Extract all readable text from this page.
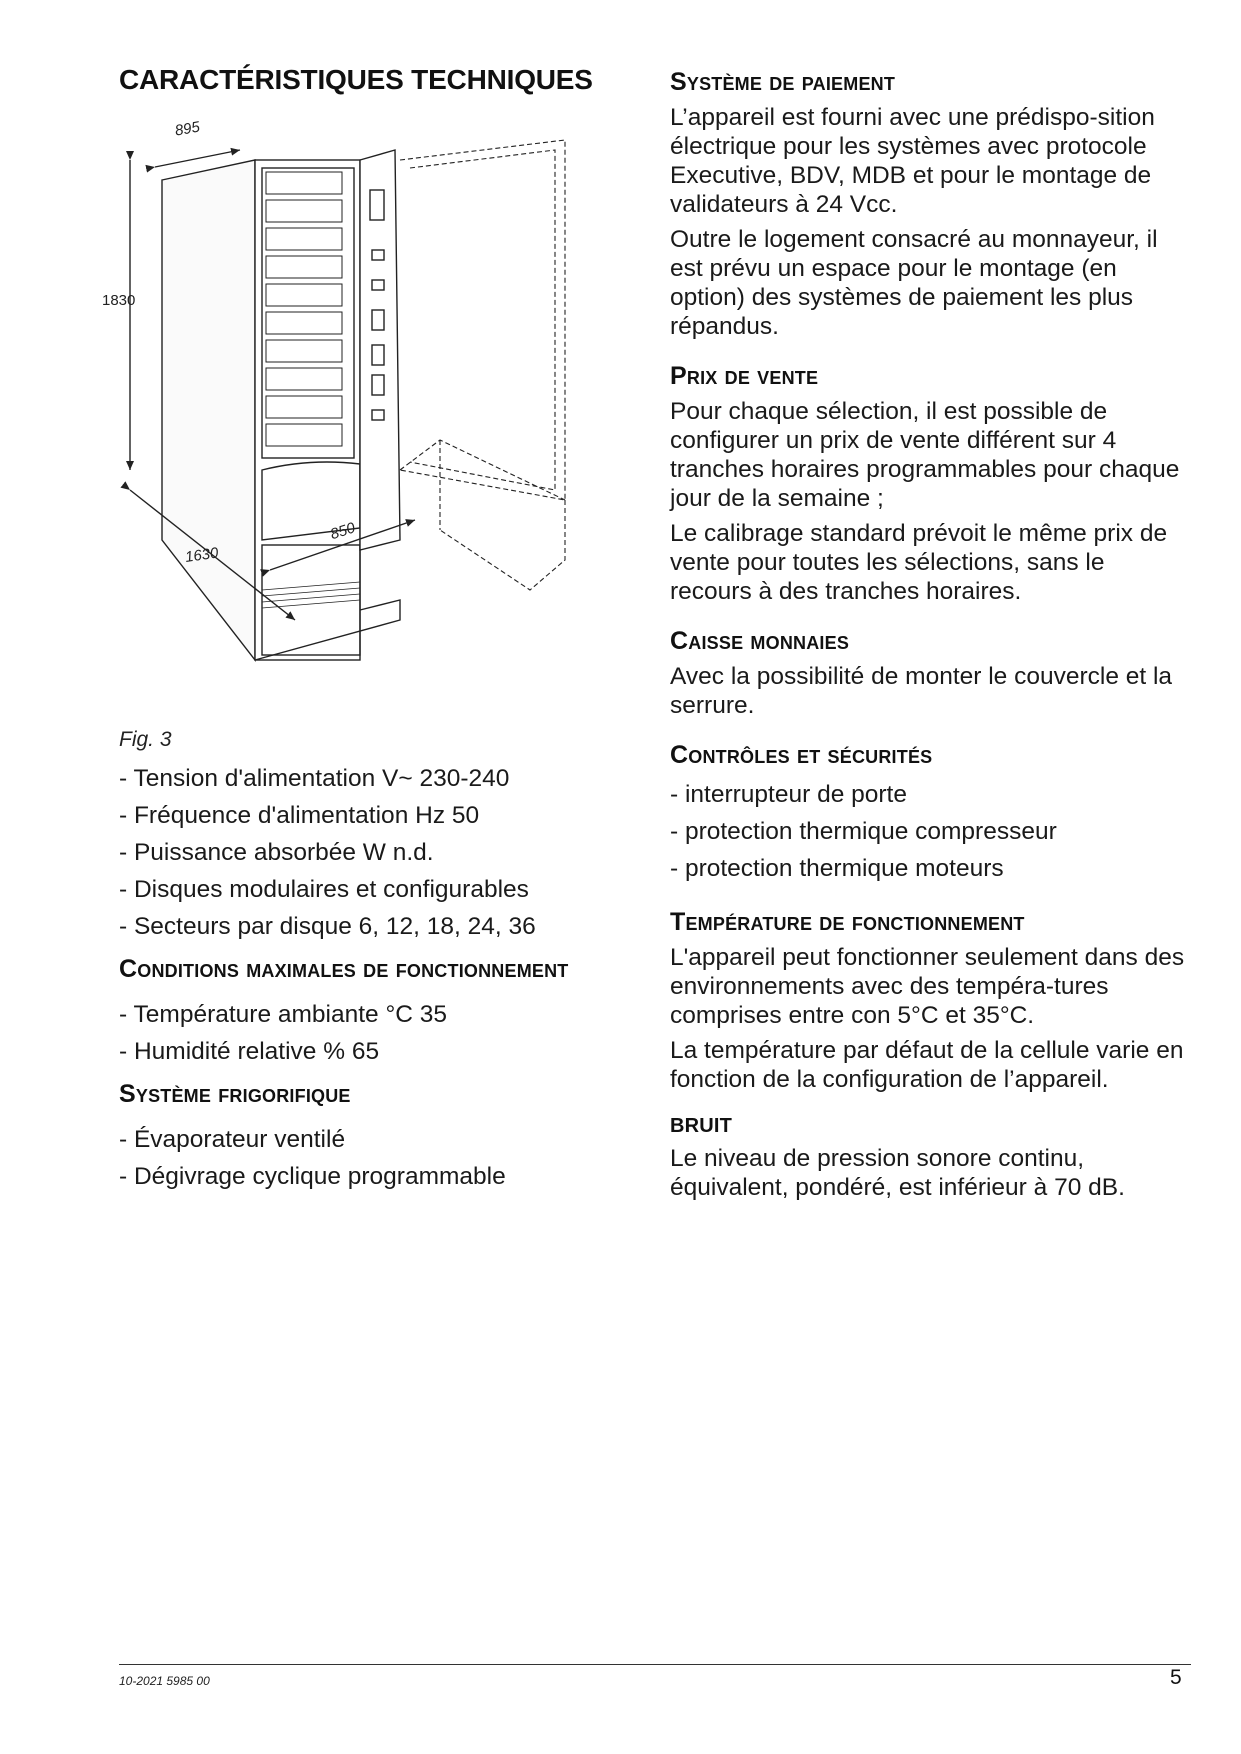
CARACTÉRISTIQUES TECHNIQUES
895
1830
1630
850
Fig. 3
- Tension d'alimentation V~ 230-240
- Fréquence d'alimentation Hz 50
- Puissance absorbée W n.d.
- Disques modulaires et configurables
- Secteurs par disque 6, 12, 18, 24, 36
Conditions maximales de fonctionnement
- Température ambiante °C 35
- Humidité relative % 65
Système frigorifique
- Évaporateur ventilé
- Dégivrage cyclique programmable
Système de paiement

L’appareil est fourni avec une prédispo-sition électrique pour les systèmes avec protocole Executive, BDV, MDB et pour le montage de validateurs à 24 Vcc.

Outre le logement consacré au monnayeur, il est prévu un espace pour le montage (en option) des systèmes de paiement les plus répandus.

Prix de vente

Pour chaque sélection, il est possible de configurer un prix de vente différent sur 4 tranches horaires programmables pour chaque jour de la semaine ;

Le calibrage standard prévoit le même prix de vente pour toutes les sélections, sans le recours à des tranches horaires.

Caisse monnaies

Avec la possibilité de monter le couvercle et la serrure.

Contrôles et sécurités
- interrupteur de porte
- protection thermique compresseur
- protection thermique moteurs
Température de fonctionnement

L'appareil peut fonctionner seulement dans des environnements avec des tempéra-tures comprises entre con 5°C et 35°C.

La température par défaut de la cellule varie en fonction de la configuration de l’appareil.

BRUIT

Le niveau de pression sonore continu, équivalent, pondéré, est inférieur à 70 dB.

10-2021 5985 00	5
